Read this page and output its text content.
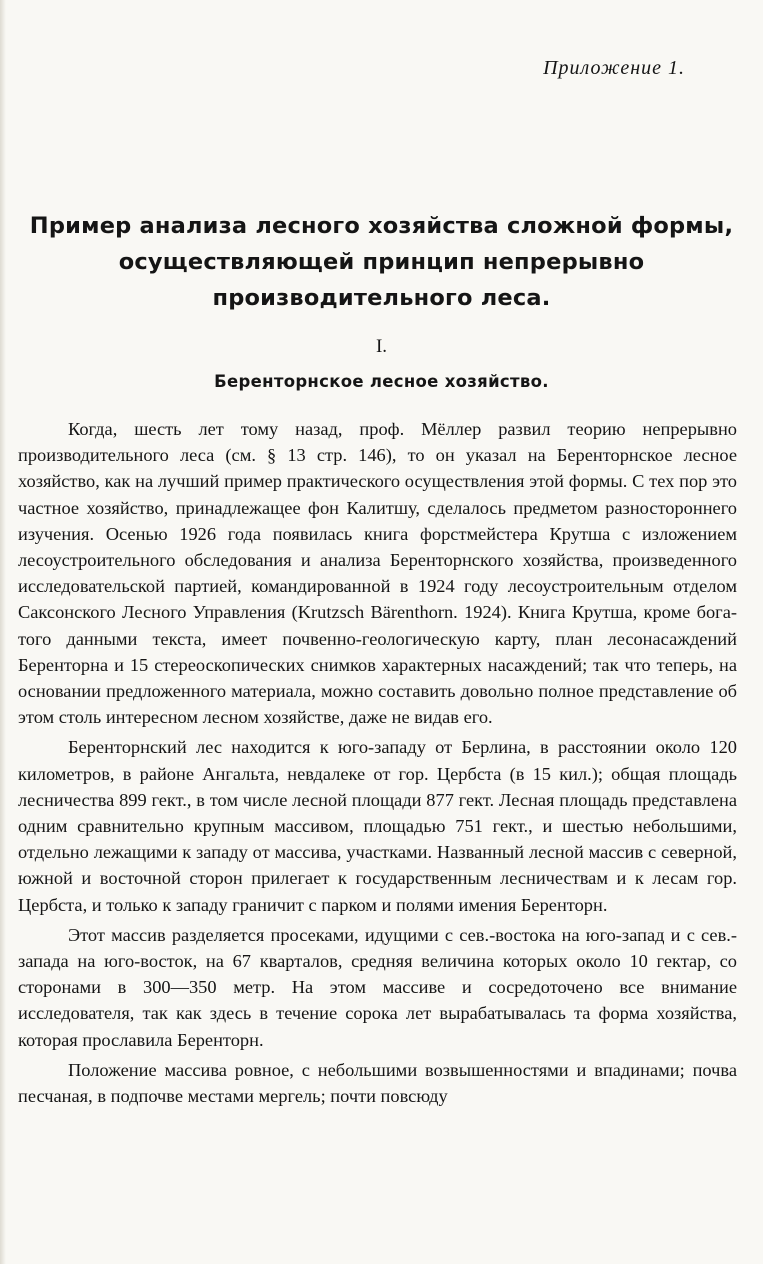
Приложение 1.
Пример анализа лесного хозяйства сложной формы, осуществляющей принцип непрерывно производительного леса.
I.
Беренторнское лесное хозяйство.

Когда, шесть лет тому назад, проф. Мёллер развил теорию непрерывно производительного леса (см. § 13 стр. 146), то он указал на Беренторнское лесное хозяйство, как на лучший пример практического осуществления этой формы. С тех пор это частное хозяйство, принадлежащее фон Калитшу, сделалось предметом разностороннего изучения. Осенью 1926 года появилась книга форстмейстера Крутша с изложением лесоустроительного обследования и анализа Беренторнского хозяйства, произведенного исследовательской партией, командированной в 1924 году лесоустроительным отделом Саксонского Лесного Управления (Krutzsch Bärenthorn. 1924). Книга Крутша, кроме богатого данными текста, имеет почвенно-геологическую карту, план лесонасаждений Беренторна и 15 стереоскопических снимков характерных насаждений; так что теперь, на основании предложенного материала, можно составить довольно полное представление об этом столь интересном лесном хозяйстве, даже не видав его.

Беренторнский лес находится к юго-западу от Берлина, в расстоянии около 120 километров, в районе Ангальта, невдалеке от гор. Цербста (в 15 кил.); общая площадь лесничества 899 гект., в том числе лесной площади 877 гект. Лесная площадь представлена одним сравнительно крупным массивом, площадью 751 гект., и шестью небольшими, отдельно лежащими к западу от массива, участками. Названный лесной массив с северной, южной и восточной сторон прилегает к государственным лесничествам и к лесам гор. Цербста, и только к западу граничит с парком и полями имения Беренторн.

Этот массив разделяется просеками, идущими с сев.-востока на юго-запад и с сев.-запада на юго-восток, на 67 кварталов, средняя величина которых около 10 гектар, со сторонами в 300—350 метр. На этом массиве и сосредоточено все внимание исследователя, так как здесь в течение сорока лет вырабатывалась та форма хозяйства, которая прославила Беренторн.

Положение массива ровное, с небольшими возвышенностями и впадинами; почва песчаная, в подпочве местами мергель; почти повсюду
